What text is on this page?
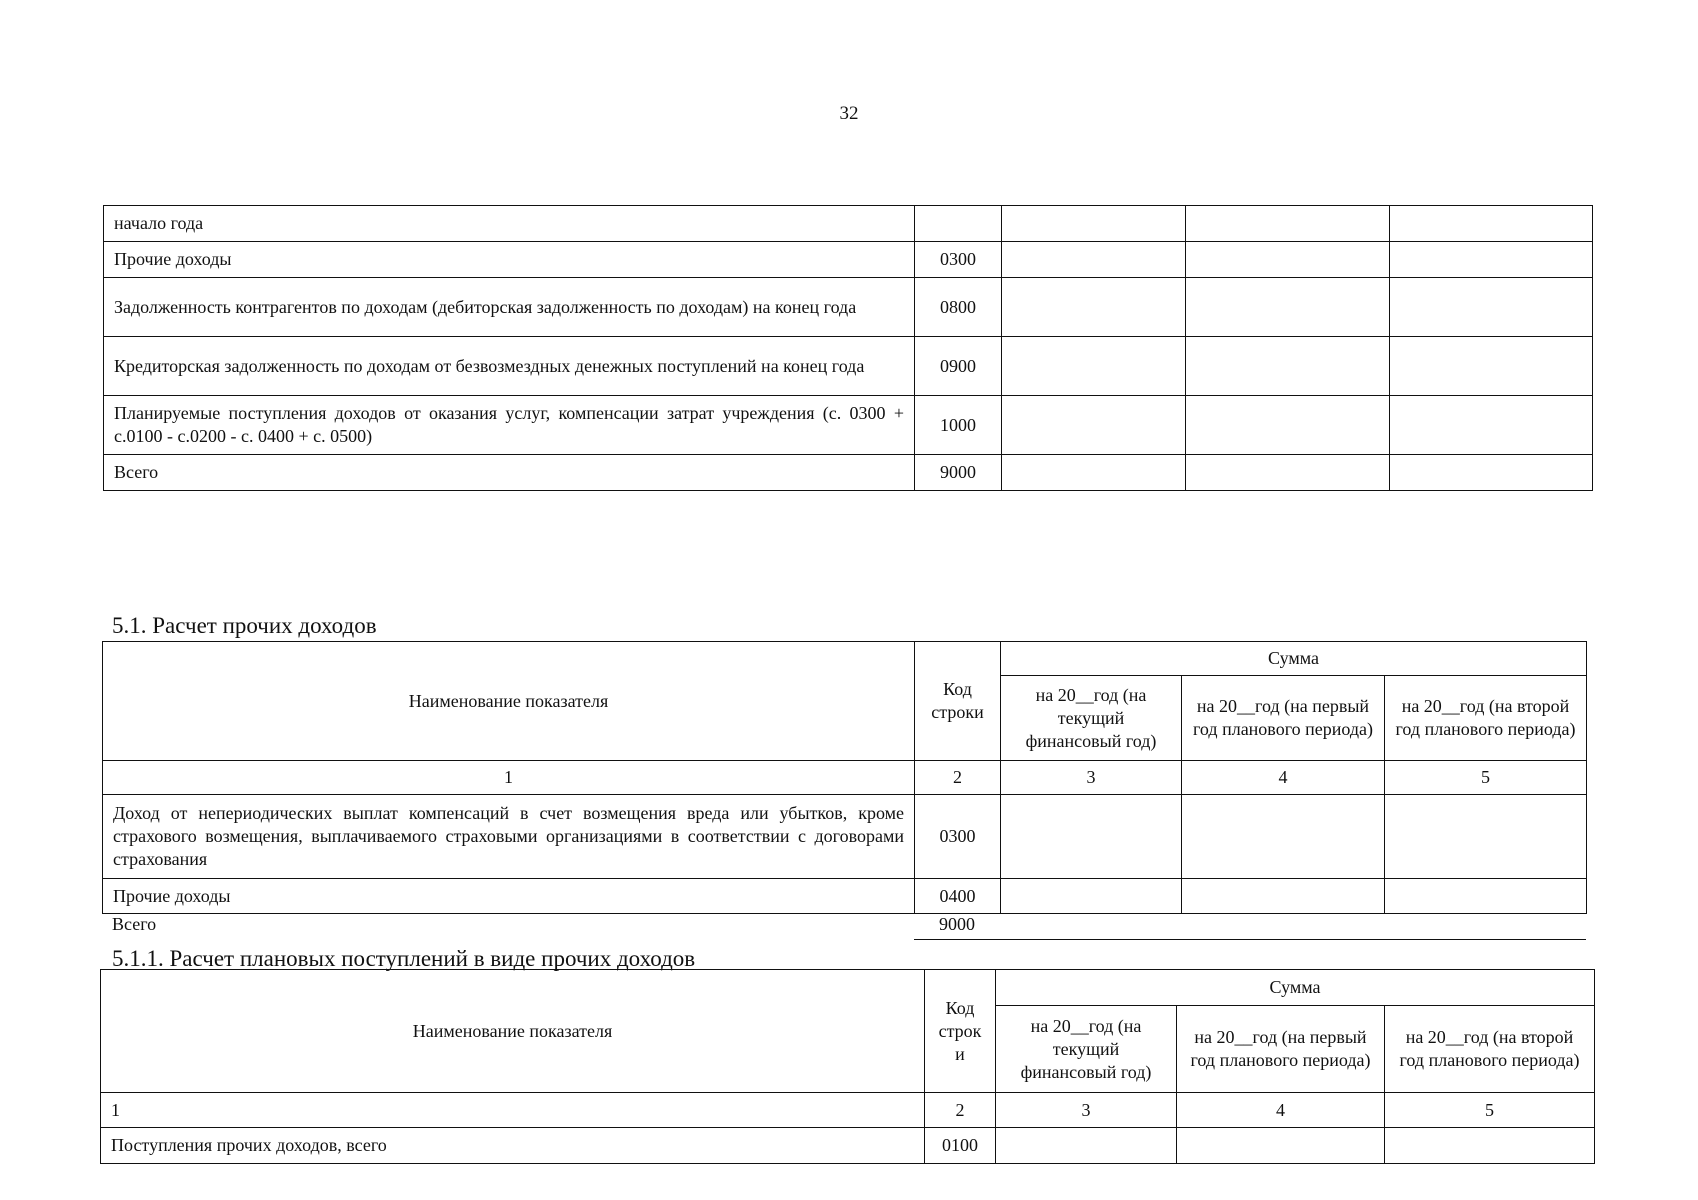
32
начало года				
Прочие доходы	0300			
Задолженность контрагентов по доходам (дебиторская задолженность по доходам) на конец года	0800			
Кредиторская задолженность по доходам от безвозмездных денежных поступлений на конец года	0900			
Планируемые поступления доходов от оказания услуг, компенсации затрат учреждения (с. 0300 + с.0100 - с.0200 - с. 0400 + с. 0500)	1000			
Всего	9000			
5.1. Расчет прочих доходов
Наименование показателя	Код строки	Сумма		
		на 20__год (на текущий финансовый год)	на 20__год (на первый год планового периода)	на 20__год (на второй год планового периода)
1	2	3	4	5
Доход от непериодических выплат компенсаций в счет возмещения вреда или убытков, кроме страхового возмещения, выплачиваемого страховыми организациями в соответствии с договорами страхования	0300			
Прочие доходы	0400			
Всего	9000
5.1.1. Расчет плановых поступлений в виде прочих доходов
Наименование показателя	Код строк и	Сумма		
		на 20__год (на текущий финансовый год)	на 20__год (на первый год планового периода)	на 20__год (на второй год планового периода)
1	2	3	4	5
Поступления прочих доходов, всего	0100			
